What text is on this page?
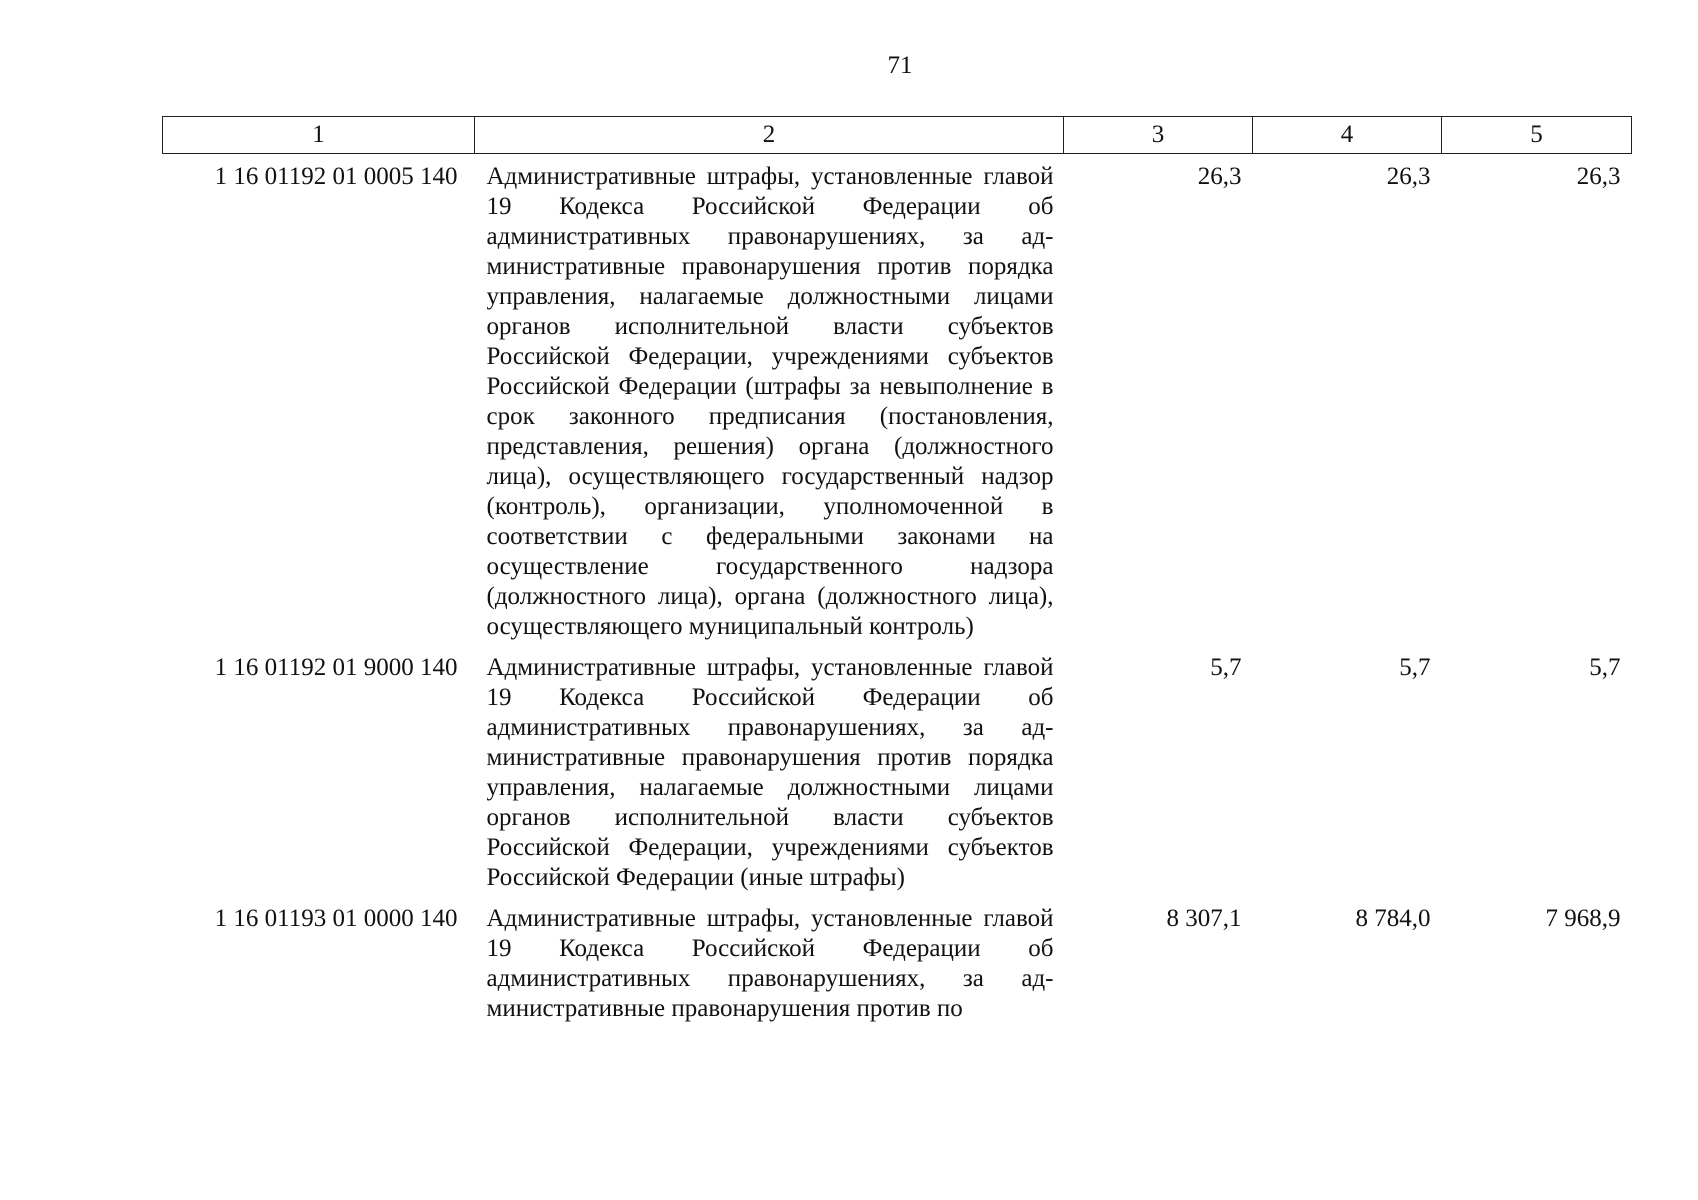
71
1	2	3	4	5
1 16 01192 01 0005 140	Административные штрафы, установленные главой 19 Кодекса Российской Федерации об административных правонарушениях, за административные правонарушения против порядка управления, налагаемые должностными лицами органов исполнительной власти субъектов Российской Федерации, учреждениями субъектов Российской Федерации (штрафы за невыполнение в срок законного предписания (постановления, представления, решения) органа (должностного лица), осуществляющего государственный надзор (контроль), организации, уполномоченной в соответствии с федеральными законами на осуществление государственного надзора (должностного лица), органа (должностного лица), осуществляющего муниципальный контроль)	26,3	26,3	26,3
1 16 01192 01 9000 140	Административные штрафы, установленные главой 19 Кодекса Российской Федерации об административных правонарушениях, за административные правонарушения против порядка управления, налагаемые должностными лицами органов исполнительной власти субъектов Российской Федерации, учреждениями субъектов Российской Федерации (иные штрафы)	5,7	5,7	5,7
1 16 01193 01 0000 140	Административные штрафы, установленные главой 19 Кодекса Российской Федерации об административных правонарушениях, за административные правонарушения против по	8 307,1	8 784,0	7 968,9
